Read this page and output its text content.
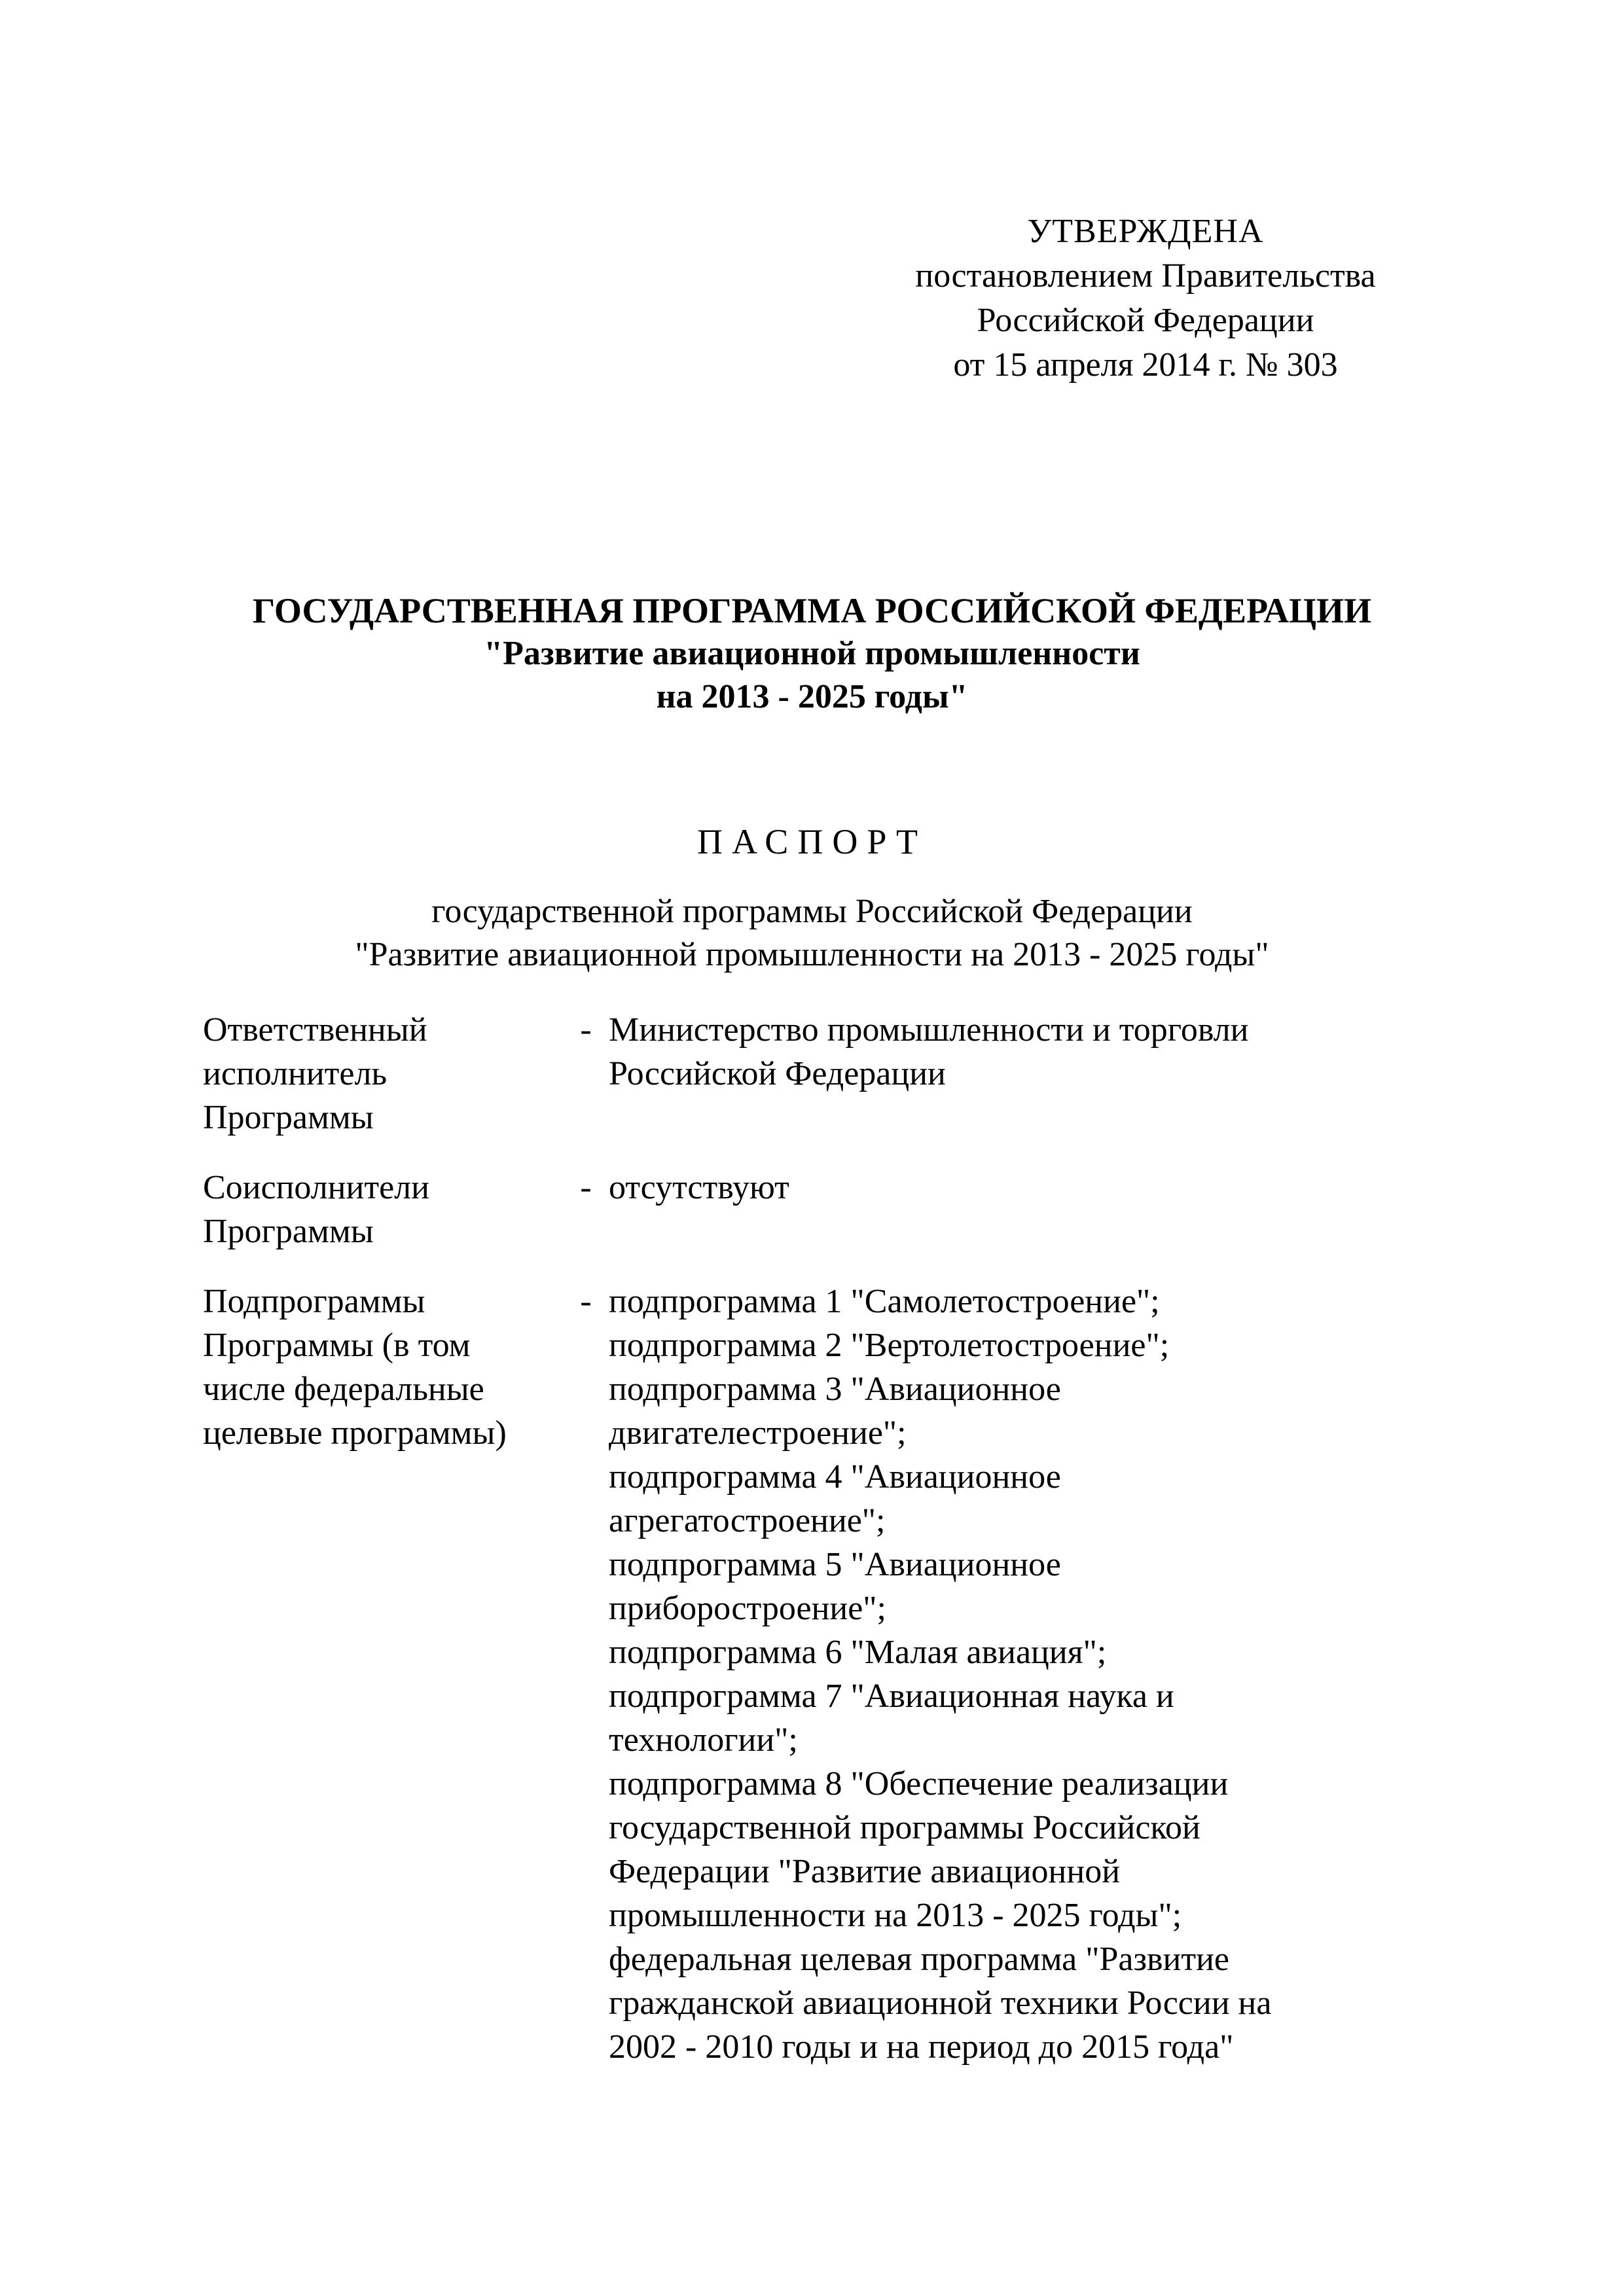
УТВЕРЖДЕНА
постановлением Правительства
Российской Федерации
от 15 апреля 2014 г. № 303
ГОСУДАРСТВЕННАЯ ПРОГРАММА РОССИЙСКОЙ ФЕДЕРАЦИИ
"Развитие авиационной промышленности
на 2013 - 2025 годы"
ПАСПОРТ
государственной программы Российской Федерации
"Развитие авиационной промышленности на 2013 - 2025 годы"
Ответственный
исполнитель
Программы
- Министерство промышленности и торговли
Российской Федерации
Соисполнители
Программы
- отсутствуют
Подпрограммы
Программы (в том
числе федеральные
целевые программы)
- подпрограмма 1 "Самолетостроение";
подпрограмма 2 "Вертолетостроение";
подпрограмма 3 "Авиационное
двигателестроение";
подпрограмма 4 "Авиационное
агрегатостроение";
подпрограмма 5 "Авиационное
приборостроение";
подпрограмма 6 "Малая авиация";
подпрограмма 7 "Авиационная наука и
технологии";
подпрограмма 8 "Обеспечение реализации
государственной программы Российской
Федерации "Развитие авиационной
промышленности на 2013 - 2025 годы";
федеральная целевая программа "Развитие
гражданской авиационной техники России на
2002 - 2010 годы и на период до 2015 года"
